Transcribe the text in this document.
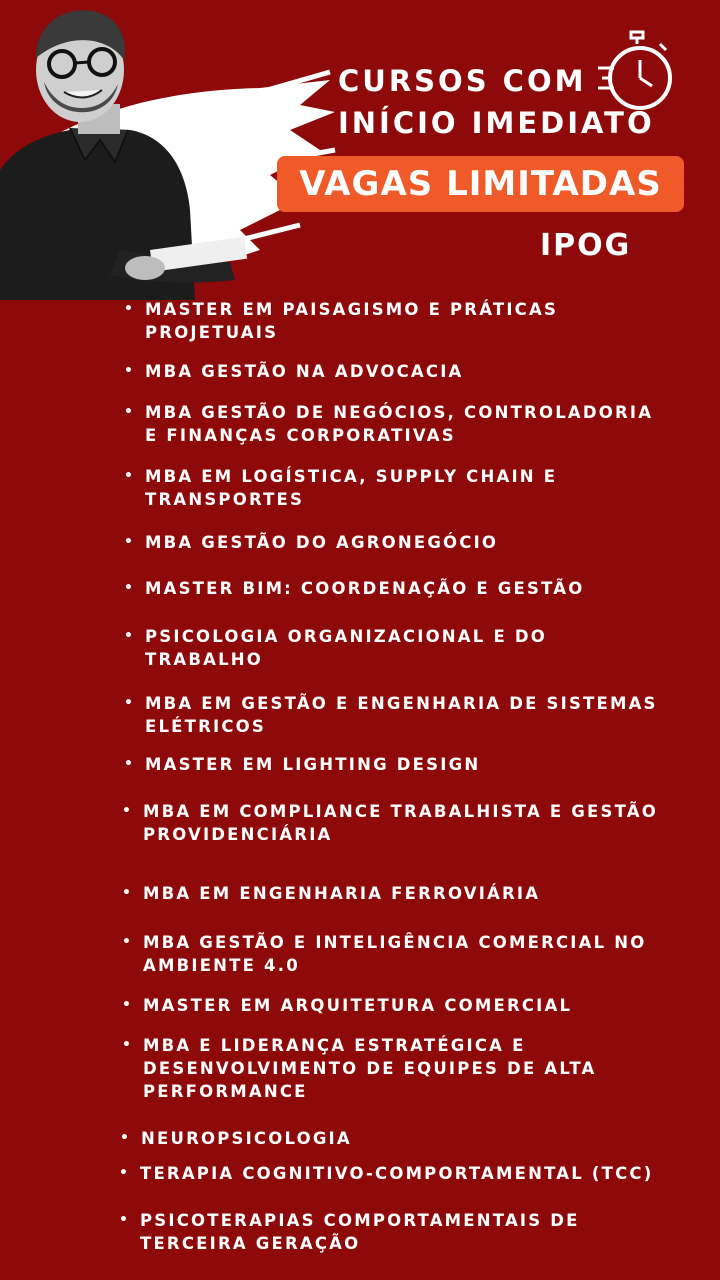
CURSOS COM
INÍCIO IMEDIATO
VAGAS LIMITADAS
IPOG
• MASTER EM PAISAGISMO E PRÁTICAS PROJETUAIS
• MBA GESTÃO NA ADVOCACIA
• MBA GESTÃO DE NEGÓCIOS, CONTROLADORIA E FINANÇAS CORPORATIVAS
• MBA EM LOGÍSTICA, SUPPLY CHAIN E TRANSPORTES
• MBA GESTÃO DO AGRONEGÓCIO
• MASTER BIM: COORDENAÇÃO E GESTÃO
• PSICOLOGIA ORGANIZACIONAL E DO TRABALHO
• MBA EM GESTÃO E ENGENHARIA DE SISTEMAS ELÉTRICOS
• MASTER EM LIGHTING DESIGN
• MBA EM COMPLIANCE TRABALHISTA E GESTÃO PROVIDENCIÁRIA
• MBA EM ENGENHARIA FERROVIÁRIA
• MBA GESTÃO E INTELIGÊNCIA COMERCIAL NO AMBIENTE 4.0
• MASTER EM ARQUITETURA COMERCIAL
• MBA E LIDERANÇA ESTRATÉGICA E DESENVOLVIMENTO DE EQUIPES DE ALTA PERFORMANCE
• NEUROPSICOLOGIA
• TERAPIA COGNITIVO-COMPORTAMENTAL (TCC)
• PSICOTERAPIAS COMPORTAMENTAIS DE TERCEIRA GERAÇÃO
